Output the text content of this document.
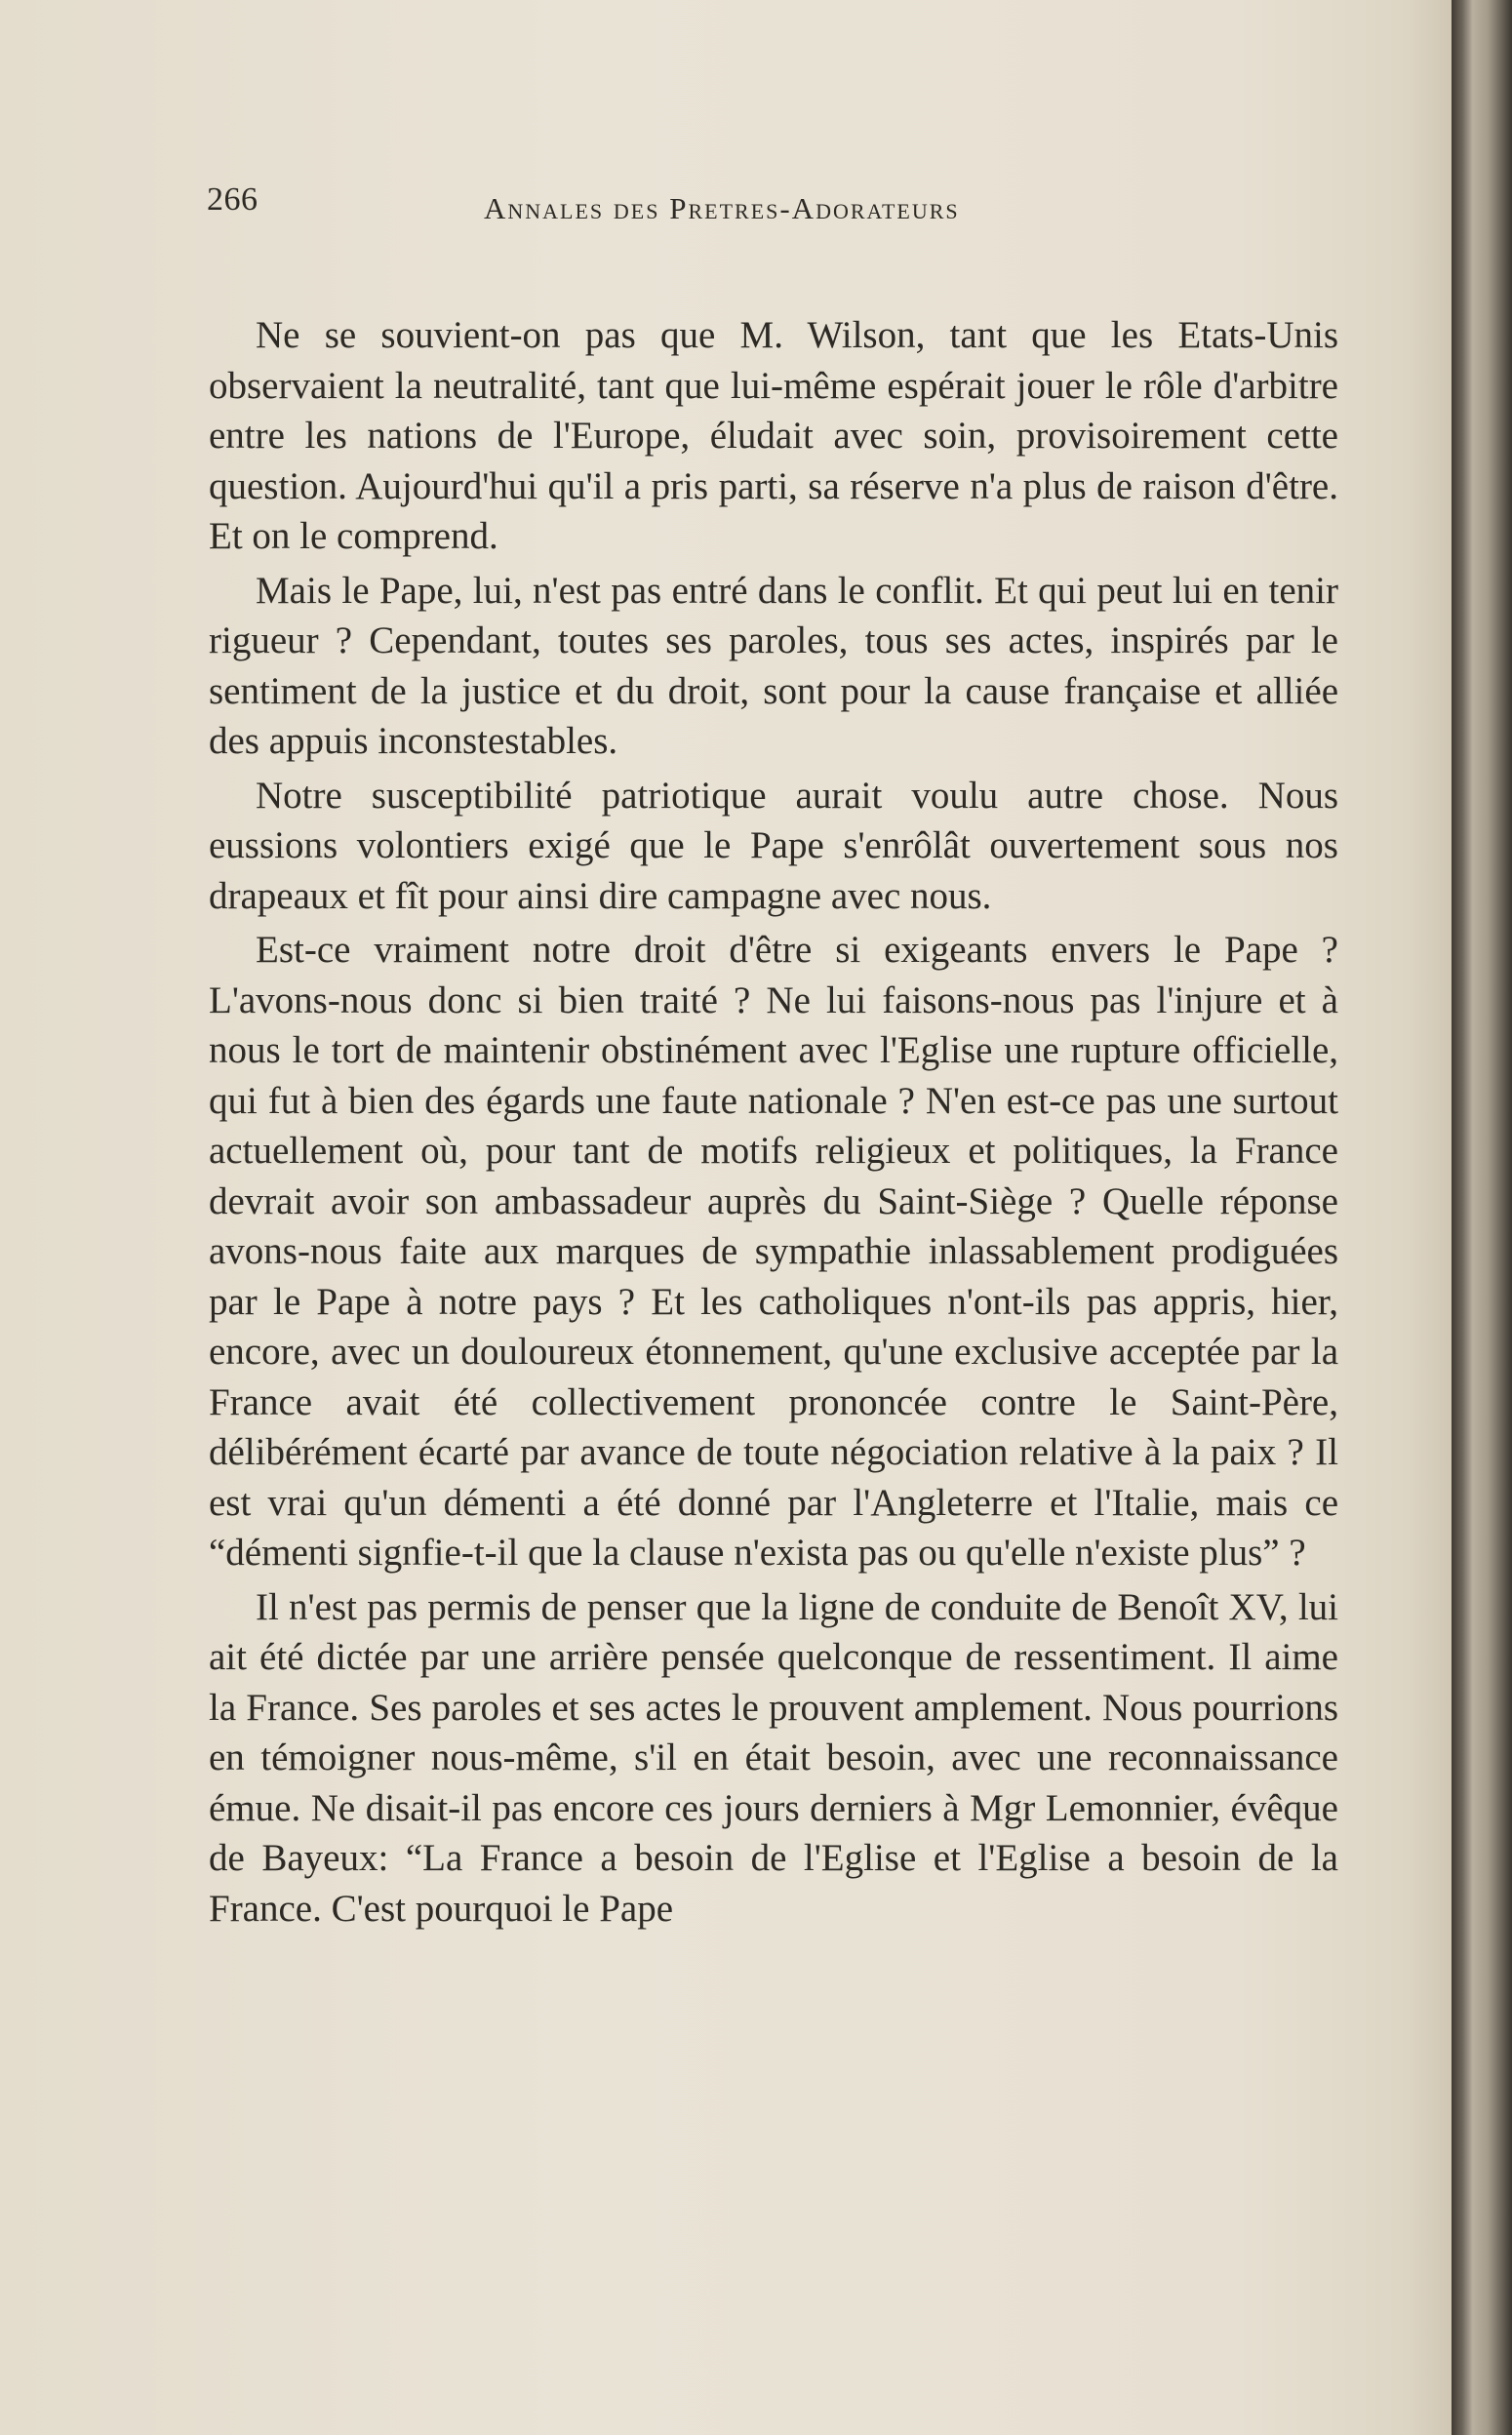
266	Annales des Pretres-Adorateurs

Ne se souvient-on pas que M. Wilson, tant que les Etats-Unis observaient la neutralité, tant que lui-même espérait jouer le rôle d'arbitre entre les nations de l'Europe, éludait avec soin, provisoirement cette question. Aujourd'hui qu'il a pris parti, sa réserve n'a plus de raison d'être. Et on le comprend.

Mais le Pape, lui, n'est pas entré dans le conflit. Et qui peut lui en tenir rigueur ? Cependant, toutes ses paroles, tous ses actes, inspirés par le sentiment de la justice et du droit, sont pour la cause française et alliée des appuis inconstestables.

Notre susceptibilité patriotique aurait voulu autre chose. Nous eussions volontiers exigé que le Pape s'enrôlât ouvertement sous nos drapeaux et fît pour ainsi dire campagne avec nous.

Est-ce vraiment notre droit d'être si exigeants envers le Pape ? L'avons-nous donc si bien traité ? Ne lui faisons-nous pas l'injure et à nous le tort de maintenir obstinément avec l'Eglise une rupture officielle, qui fut à bien des égards une faute nationale ? N'en est-ce pas une surtout actuellement où, pour tant de motifs religieux et politiques, la France devrait avoir son ambassadeur auprès du Saint-Siège ? Quelle réponse avons-nous faite aux marques de sympathie inlassablement prodiguées par le Pape à notre pays ? Et les catholiques n'ont-ils pas appris, hier, encore, avec un douloureux étonnement, qu'une exclusive acceptée par la France avait été collectivement prononcée contre le Saint-Père, délibérément écarté par avance de toute négociation relative à la paix ? Il est vrai qu'un démenti a été donné par l'Angleterre et l'Italie, mais ce “démenti signfie-t-il que la clause n'exista pas ou qu'elle n'existe plus” ?

Il n'est pas permis de penser que la ligne de conduite de Benoît XV, lui ait été dictée par une arrière pensée quelconque de ressentiment. Il aime la France. Ses paroles et ses actes le prouvent amplement. Nous pourrions en témoigner nous-même, s'il en était besoin, avec une reconnaissance émue. Ne disait-il pas encore ces jours derniers à Mgr Lemonnier, évêque de Bayeux: “La France a besoin de l'Eglise et l'Eglise a besoin de la France. C'est pourquoi le Pape
